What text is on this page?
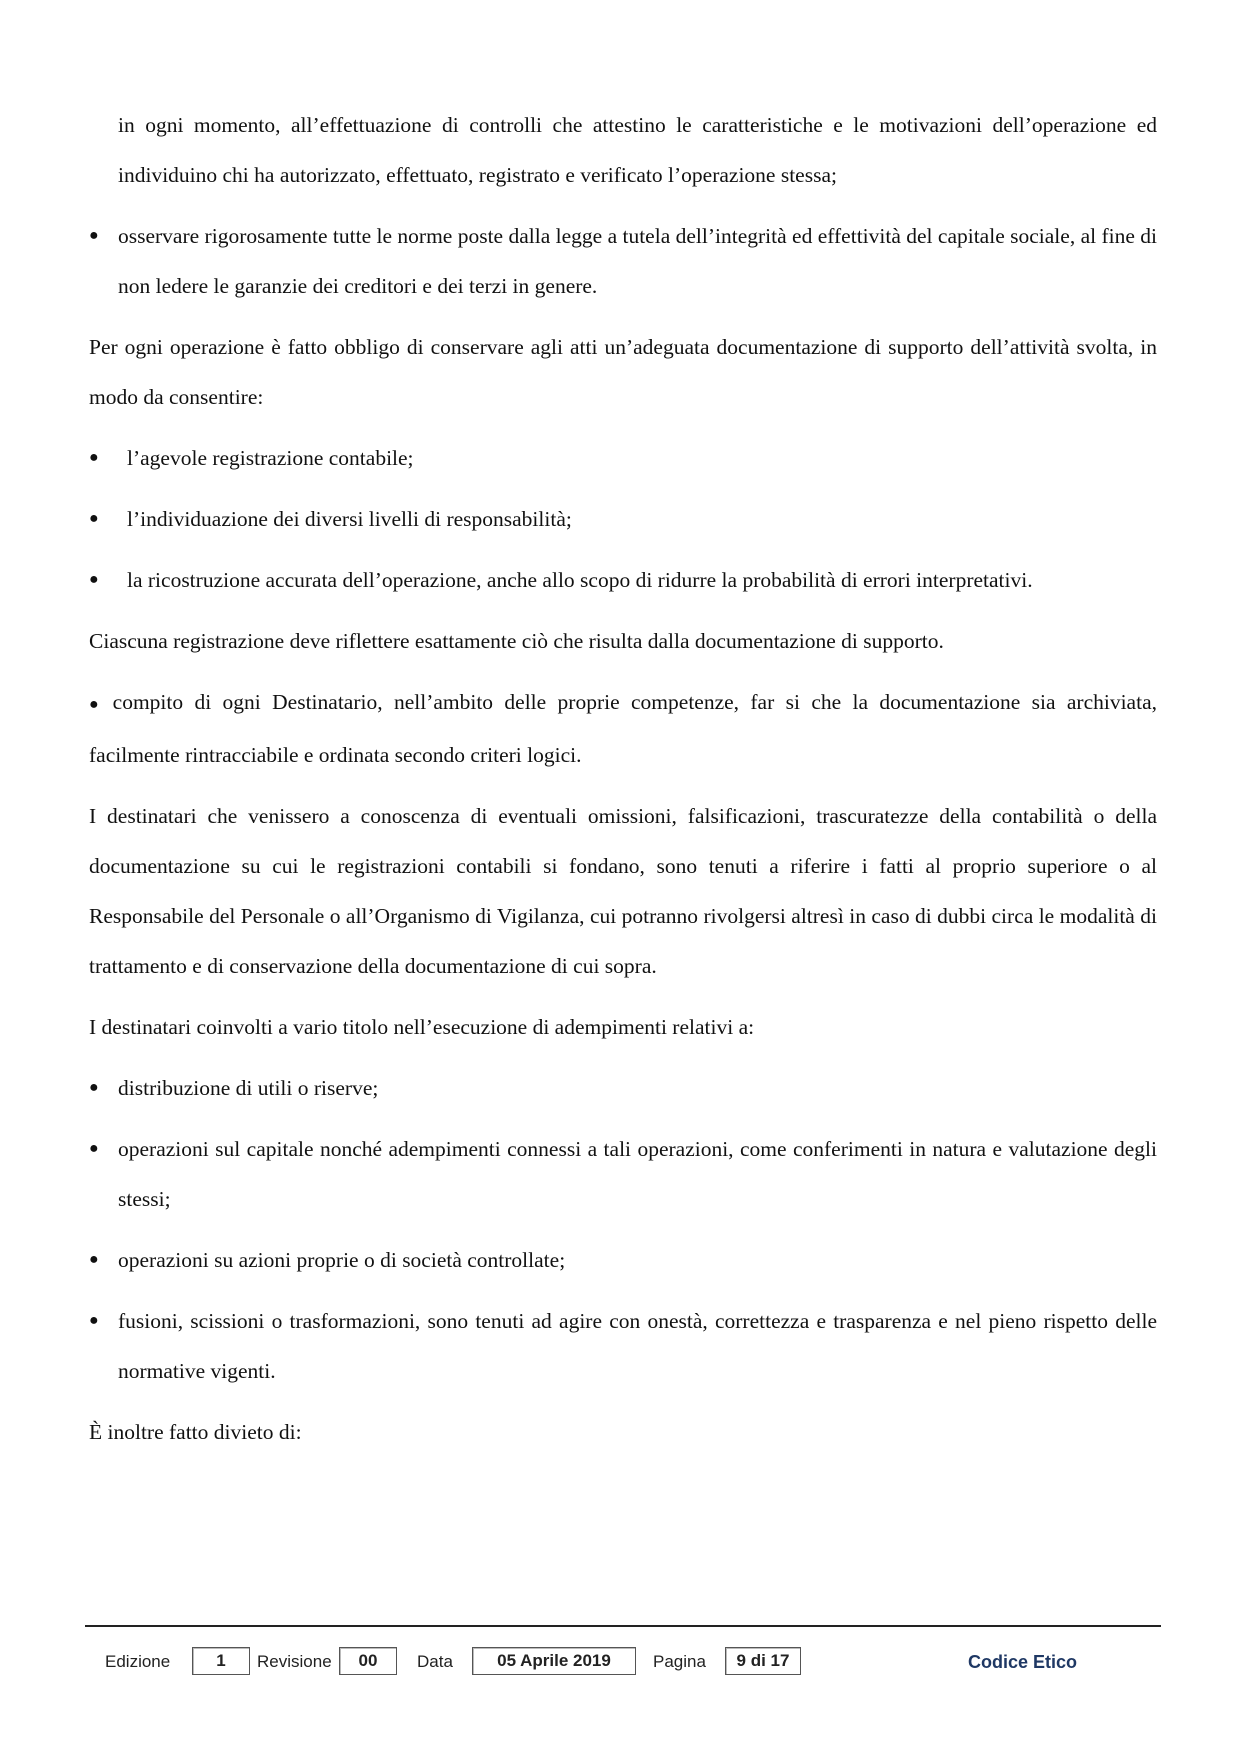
in ogni momento, all’effettuazione di controlli che attestino le caratteristiche e le motivazioni dell’operazione ed individuino chi ha autorizzato, effettuato, registrato e verificato l’operazione stessa;

● osservare rigorosamente tutte le norme poste dalla legge a tutela dell’integrità ed effettività del capitale sociale, al fine di non ledere le garanzie dei creditori e dei terzi in genere.

Per ogni operazione è fatto obbligo di conservare agli atti un’adeguata documentazione di supporto dell’attività svolta, in modo da consentire:

● l’agevole registrazione contabile;
● l’individuazione dei diversi livelli di responsabilità;
● la ricostruzione accurata dell’operazione, anche allo scopo di ridurre la probabilità di errori interpretativi.

Ciascuna registrazione deve riflettere esattamente ciò che risulta dalla documentazione di supporto.

● compito di ogni Destinatario, nell’ambito delle proprie competenze, far si che la documentazione sia archiviata, facilmente rintracciabile e ordinata secondo criteri logici.

I destinatari che venissero a conoscenza di eventuali omissioni, falsificazioni, trascuratezze della contabilità o della documentazione su cui le registrazioni contabili si fondano, sono tenuti a riferire i fatti al proprio superiore o al Responsabile del Personale o all’Organismo di Vigilanza, cui potranno rivolgersi altresì in caso di dubbi circa le modalità di trattamento e di conservazione della documentazione di cui sopra.

I destinatari coinvolti a vario titolo nell’esecuzione di adempimenti relativi a:

● distribuzione di utili o riserve;
● operazioni sul capitale nonché adempimenti connessi a tali operazioni, come conferimenti in natura e valutazione degli stessi;
● operazioni su azioni proprie o di società controllate;
● fusioni, scissioni o trasformazioni, sono tenuti ad agire con onestà, correttezza e trasparenza e nel pieno rispetto delle normative vigenti.

È inoltre fatto divieto di:

Edizione	1	Revisione	00	Data	05 Aprile 2019	Pagina	9 di 17	Codice Etico
